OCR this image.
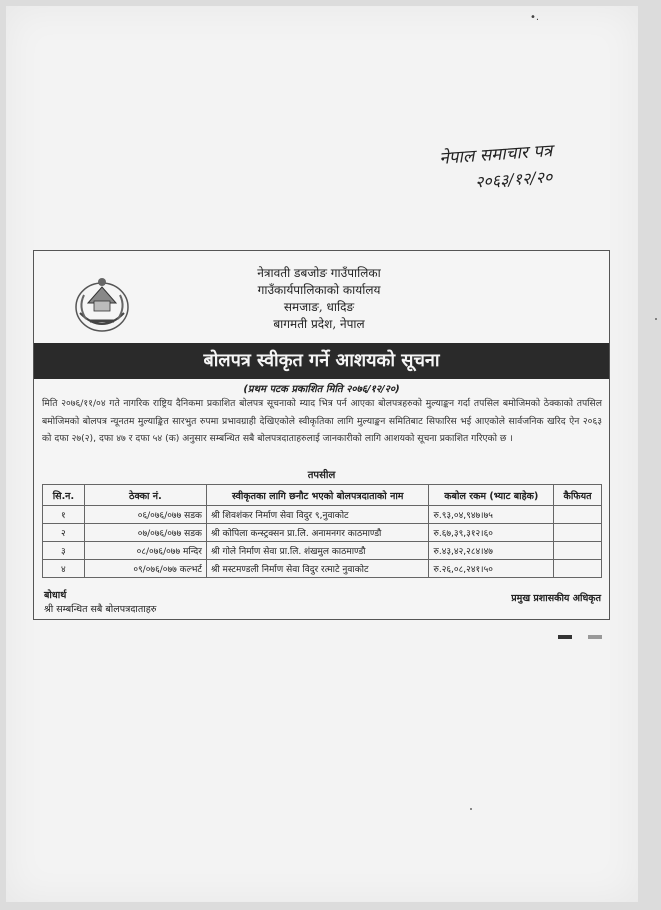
•.
नेपाल समाचार पत्र
२०६३/१२/२०
नेत्रावती डबजोङ गाउँपालिका
गाउँकार्यपालिकाको कार्यालय
समजाङ, धादिङ
बागमती प्रदेश, नेपाल
बोलपत्र स्वीकृत गर्ने आशयको सूचना
(प्रथम पटक प्रकाशित मिति २०७६/१२/२०)
मिति २०७६/११/०४ गते नागरिक राष्ट्रिय दैनिकमा प्रकाशित बोलपत्र सूचनाको म्याद भित्र पर्न आएका बोलपत्रहरुको मुल्याङ्कन गर्दा तपसिल बमोजिमको ठेक्काको तपसिल बमोजिमको बोलपत्र न्यूनतम मुल्याङ्कित सारभुत रुपमा प्रभावग्राही देखिएकोले स्वीकृतिका लागि मुल्याङ्कन समितिबाट सिफारिस भई आएकोले सार्वजनिक खरिद ऐन २०६३ को दफा २७(२), दफा ४७ र दफा ५४ (क) अनुसार सम्बन्धित सबै बोलपत्रदाताहरुलाई जानकारीको लागि आशयको सूचना प्रकाशित गरिएको छ ।
तपसील
सि.न.	ठेक्का नं.	स्वीकृतका लागि छनौट भएको बोलपत्रदाताको नाम	कबोल रकम (भ्याट बाहेक)	कैफियत
१	०६/०७६/०७७ सडक	श्री शिवशंकर निर्माण सेवा विदुर ९,नुवाकोट	रु.९३,०४,९४७।७५	
२	०७/०७६/०७७ सडक	श्री कोपिला कन्स्ट्रक्सन प्रा.लि. अनामनगर काठमाण्डौ	रु.६७,३९,३१२।६०	
३	०८/०७६/०७७ मन्दिर	श्री गोले निर्माण सेवा प्रा.लि. शंखमुल काठमाण्डौ	रु.४३,४२,२८४।४७	
४	०९/०७६/०७७ कल्भर्ट	श्री मस्टमण्डली निर्माण सेवा विदुर रत्माटे नुवाकोट	रु.२६,०८,२४१।५०	
बोधार्थ
श्री सम्बन्धित सबै बोलपत्रदाताहरु
प्रमुख प्रशासकीय अधिकृत
